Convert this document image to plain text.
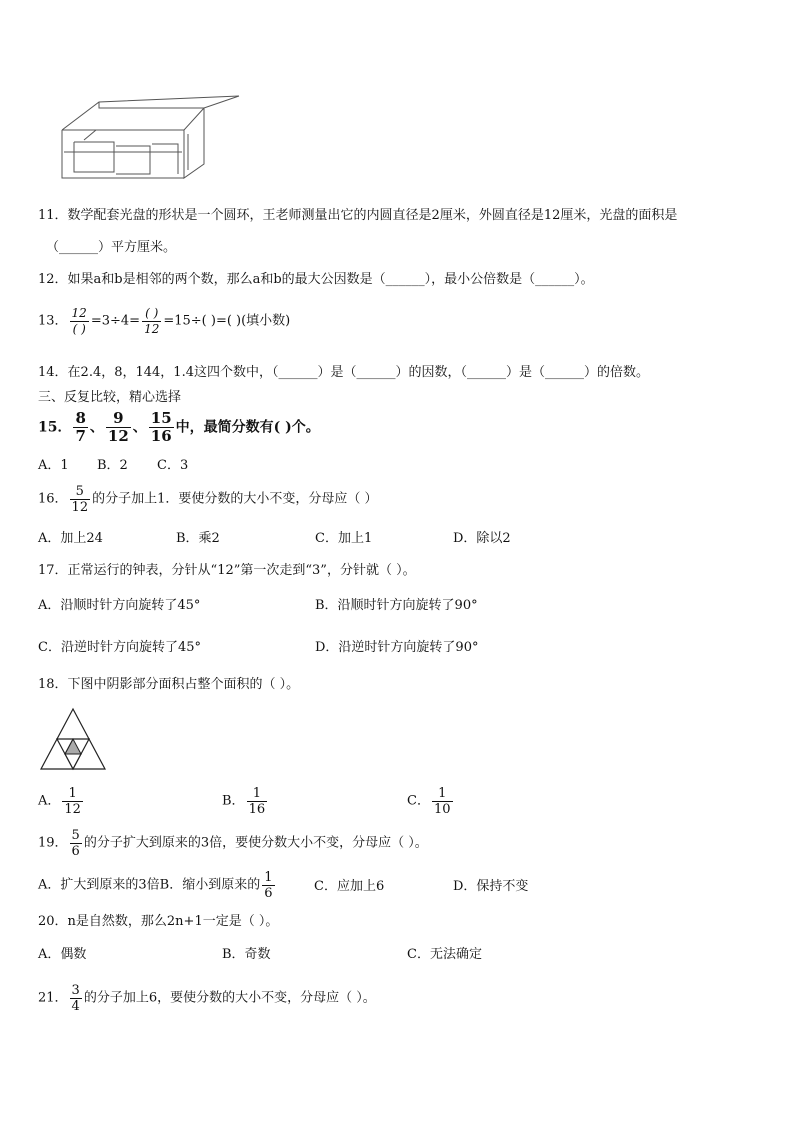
11．数学配套光盘的形状是一个圆环，王老师测量出它的内圆直径是2厘米，外圆直径是12厘米，光盘的面积是
（______）平方厘米。
12．如果a和b是相邻的两个数，那么a和b的最大公因数是（______），最小公倍数是（______）。
13． $\frac{12}{( )} =3\div 4= \frac{( )}{12} =15\div$( )=( )(填小数)
14．在2.4，8，144，1.4这四个数中，（______）是（______）的因数，（______）是（______）的倍数。
三、反复比较，精心选择
15． $\frac{8}{7}$ 、 $\frac{9}{12}$ 、 $\frac{15}{16}$ 中，最简分数有( )个。
A．1 B．2 C．3
16． $\frac{5}{12}$ 的分子加上1．要使分数的大小不变，分母应（ ）
A．加上24	B．乘2	C．加上1	D．除以2
17．正常运行的钟表，分针从“12”第一次走到“3”，分针就（ ）。
A．沿顺时针方向旋转了45°	B．沿顺时针方向旋转了90°
C．沿逆时针方向旋转了45°	D．沿逆时针方向旋转了90°
18．下图中阴影部分面积占整个面积的（ ）。
A． $\frac{1}{12}$	B． $\frac{1}{16}$	C． $\frac{1}{10}$
19． $\frac{5}{6}$ 的分子扩大到原来的3倍，要使分数大小不变，分母应（ ）。
A．扩大到原来的3倍B．缩小到原来的 $\frac{1}{6}$	C．应加上6	D．保持不变
20．n是自然数，那么2n+1一定是（ ）。
A．偶数	B．奇数	C．无法确定
21． $\frac{3}{4}$ 的分子加上6，要使分数的大小不变，分母应（ ）。
